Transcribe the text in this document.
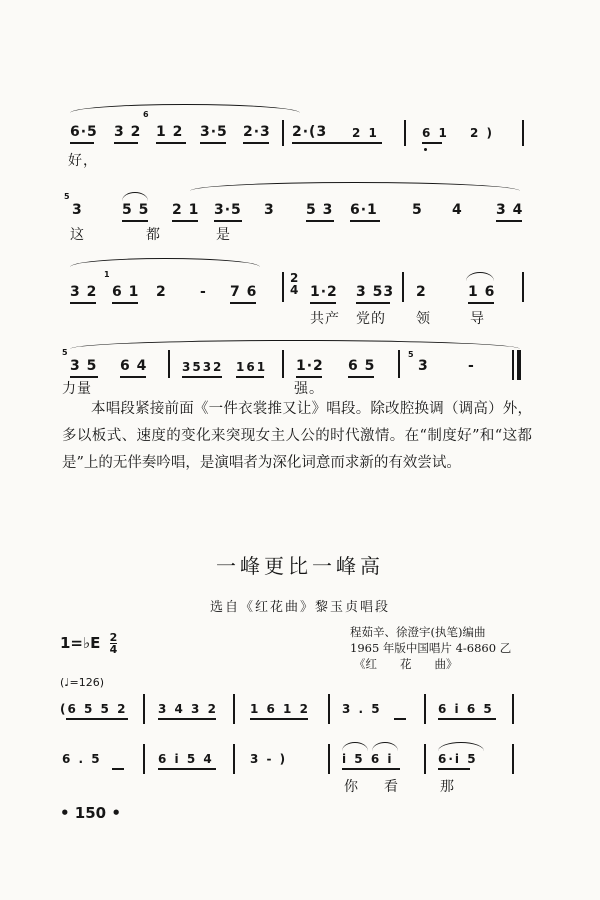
6·5 3 2
6
1 2 3·5 2·3 2·(3 2 1	6 1 2 )
好，
5
3	5 5 2 1 3·5 3 5 3 6·1 5 4 3 4
这	都	是
3 2
1
6 1 2 - 7 6
2
4 1·2 3 53 2	1 6
共产 党的 领	导
5
3 5 6 4	3532 161 1·2 6 5
5
3	-
力量	强。

本唱段紧接前面《一件衣裳推又让》唱段。除改腔换调（调高）外，多以板式、速度的变化来突现女主人公的时代激情。在“制度好”和“这都是”上的无伴奏吟唱，是演唱者为深化词意而求新的有效尝试。

一峰更比一峰高
选自《红花曲》黎玉贞唱段
程茹辛、徐澄宇(执笔)编曲
1965 年版中国唱片 4-6860 乙
《红　　花　　曲》
1=♭E $\frac{2}{4}$
(♩=126)
(6 5 5 2	3 4 3 2	1 6 1 2	3 . 5	6 i 6 5
6 . 5	6 i 5 4	3 - )	i 5 6 i	6·i 5
你 看	那
• 150 •
